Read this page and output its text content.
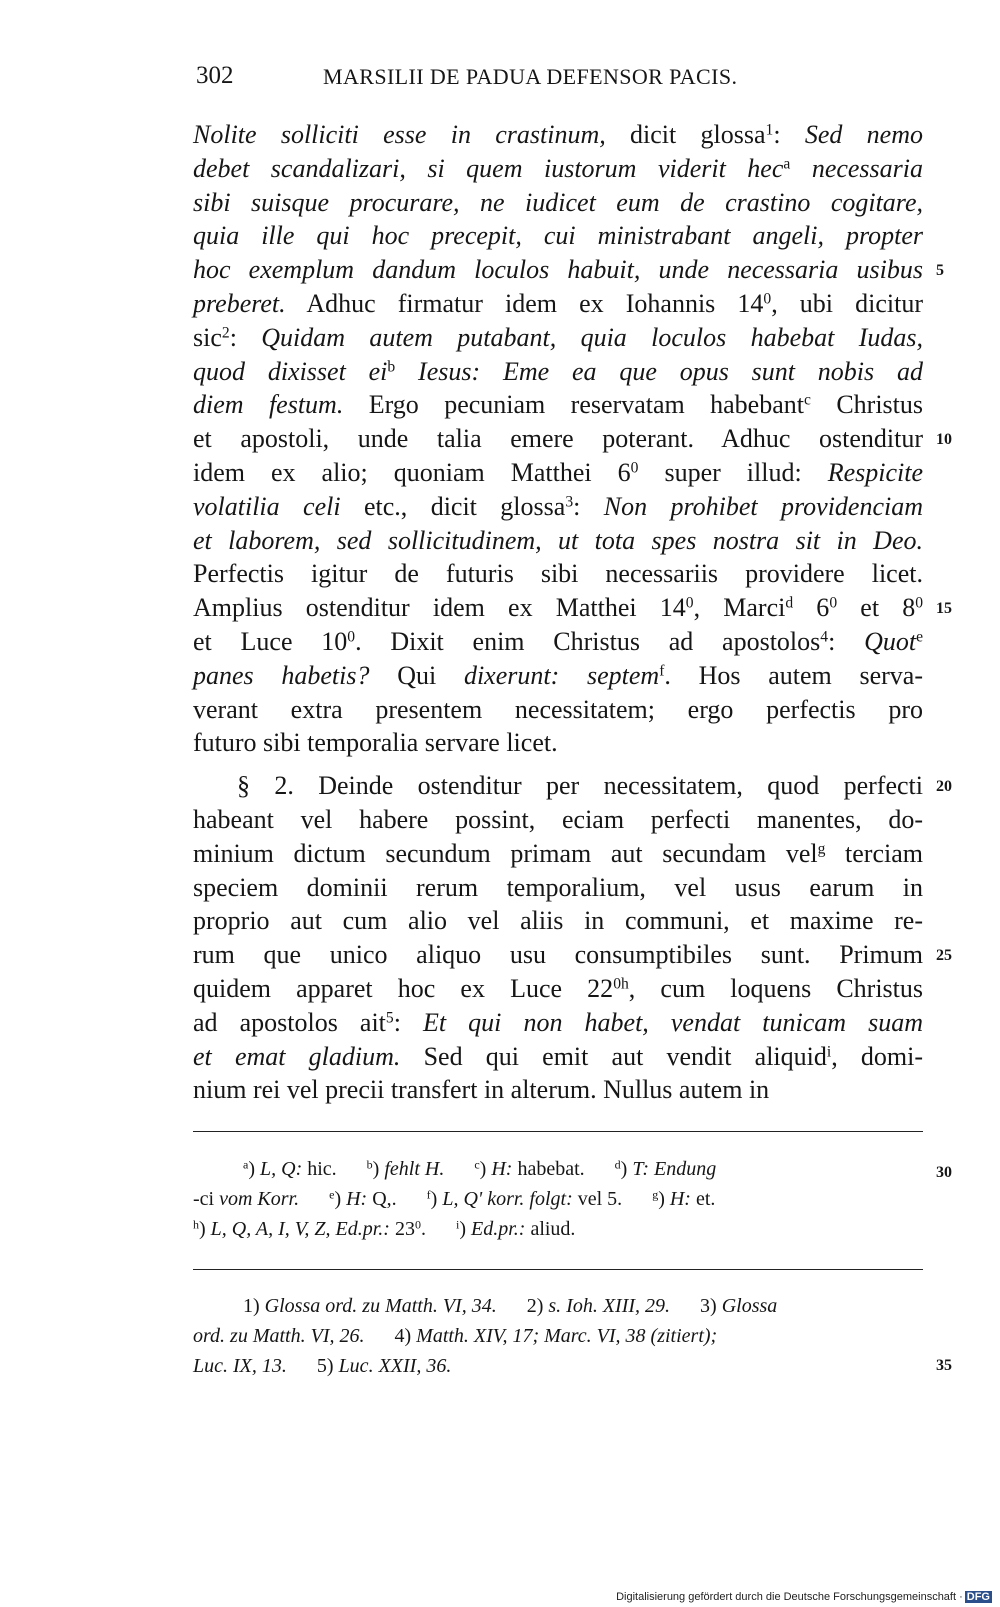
302	MARSILII DE PADUA DEFENSOR PACIS.
Nolite solliciti esse in crastinum, dicit glossa$^1$: Sed nemo
debet scandalizari, si quem iustorum viderit hec$^a$ necessaria
sibi suisque procurare, ne iudicet eum de crastino cogitare,
quia ille qui hoc precepit, cui ministrabant angeli, propter
hoc exemplum dandum loculos habuit, unde necessaria usibus
preberet. Adhuc firmatur idem ex Iohannis $14^0$, ubi dicitur
sic$^2$: Quidam autem putabant, quia loculos habebat Iudas,
quod dixisset $ei^b$ Iesus: Eme ea que opus sunt nobis ad
diem festum. Ergo pecuniam reservatam habebant$^c$ Christus
et apostoli, unde talia emere poterant. Adhuc ostenditur
idem ex alio; quoniam Matthei $6^0$ super illud: Respicite
volatilia celi etc., dicit glossa$^3$: Non prohibet providenciam
et laborem, sed sollicitudinem, ut tota spes nostra sit in Deo.
Perfectis igitur de futuris sibi necessariis providere licet.
Amplius ostenditur idem ex Matthei $14^0$, Marci$^d$ $6^0$ et $8^0$
et Luce $10^0$. Dixit enim Christus ad apostolos$^4$: Quot$^e$
panes habetis? Qui dixerunt: septem$^f$. Hos autem serva-
verant extra presentem necessitatem; ergo perfectis pro
futuro sibi temporalia servare licet.
§ 2. Deinde ostenditur per necessitatem, quod perfecti
habeant vel habere possint, eciam perfecti manentes, do-
minium dictum secundum primam aut secundam vel$^g$ terciam
speciem dominii rerum temporalium, vel usus earum in
proprio aut cum alio vel aliis in communi, et maxime re-
rum que unico aliquo usu consumptibiles sunt. Primum
quidem apparet hoc ex Luce $22^{0h}$, cum loquens Christus
ad apostolos ait$^5$: Et qui non habet, vendat tunicam suam
et emat gladium. Sed qui emit aut vendit aliquid$^i$, domi-
nium rei vel precii transfert in alterum. Nullus autem in
5
10
15
20
25
30
35
$^a$) L, Q: hic.	$^b$) fehlt H.	$^c$) H: habebat.	$^d$) T: Endung
-ci vom Korr.	$^e$) H: Q,.	$^f$) L, Q' korr. folgt: vel 5.	$^g$) H: et.
$^h$) L, Q, A, I, V, Z, Ed.pr.: $23^0$.	$^i$) Ed.pr.: aliud.
1) Glossa ord. zu Matth. VI, 34. 2) s. Ioh. XIII, 29. 3) Glossa
ord. zu Matth. VI, 26. 4) Matth. XIV, 17; Marc. VI, 38 (zitiert);
Luc. IX, 13. 5) Luc. XXII, 36.
Digitalisierung gefördert durch die Deutsche Forschungsgemeinschaft · DFG
